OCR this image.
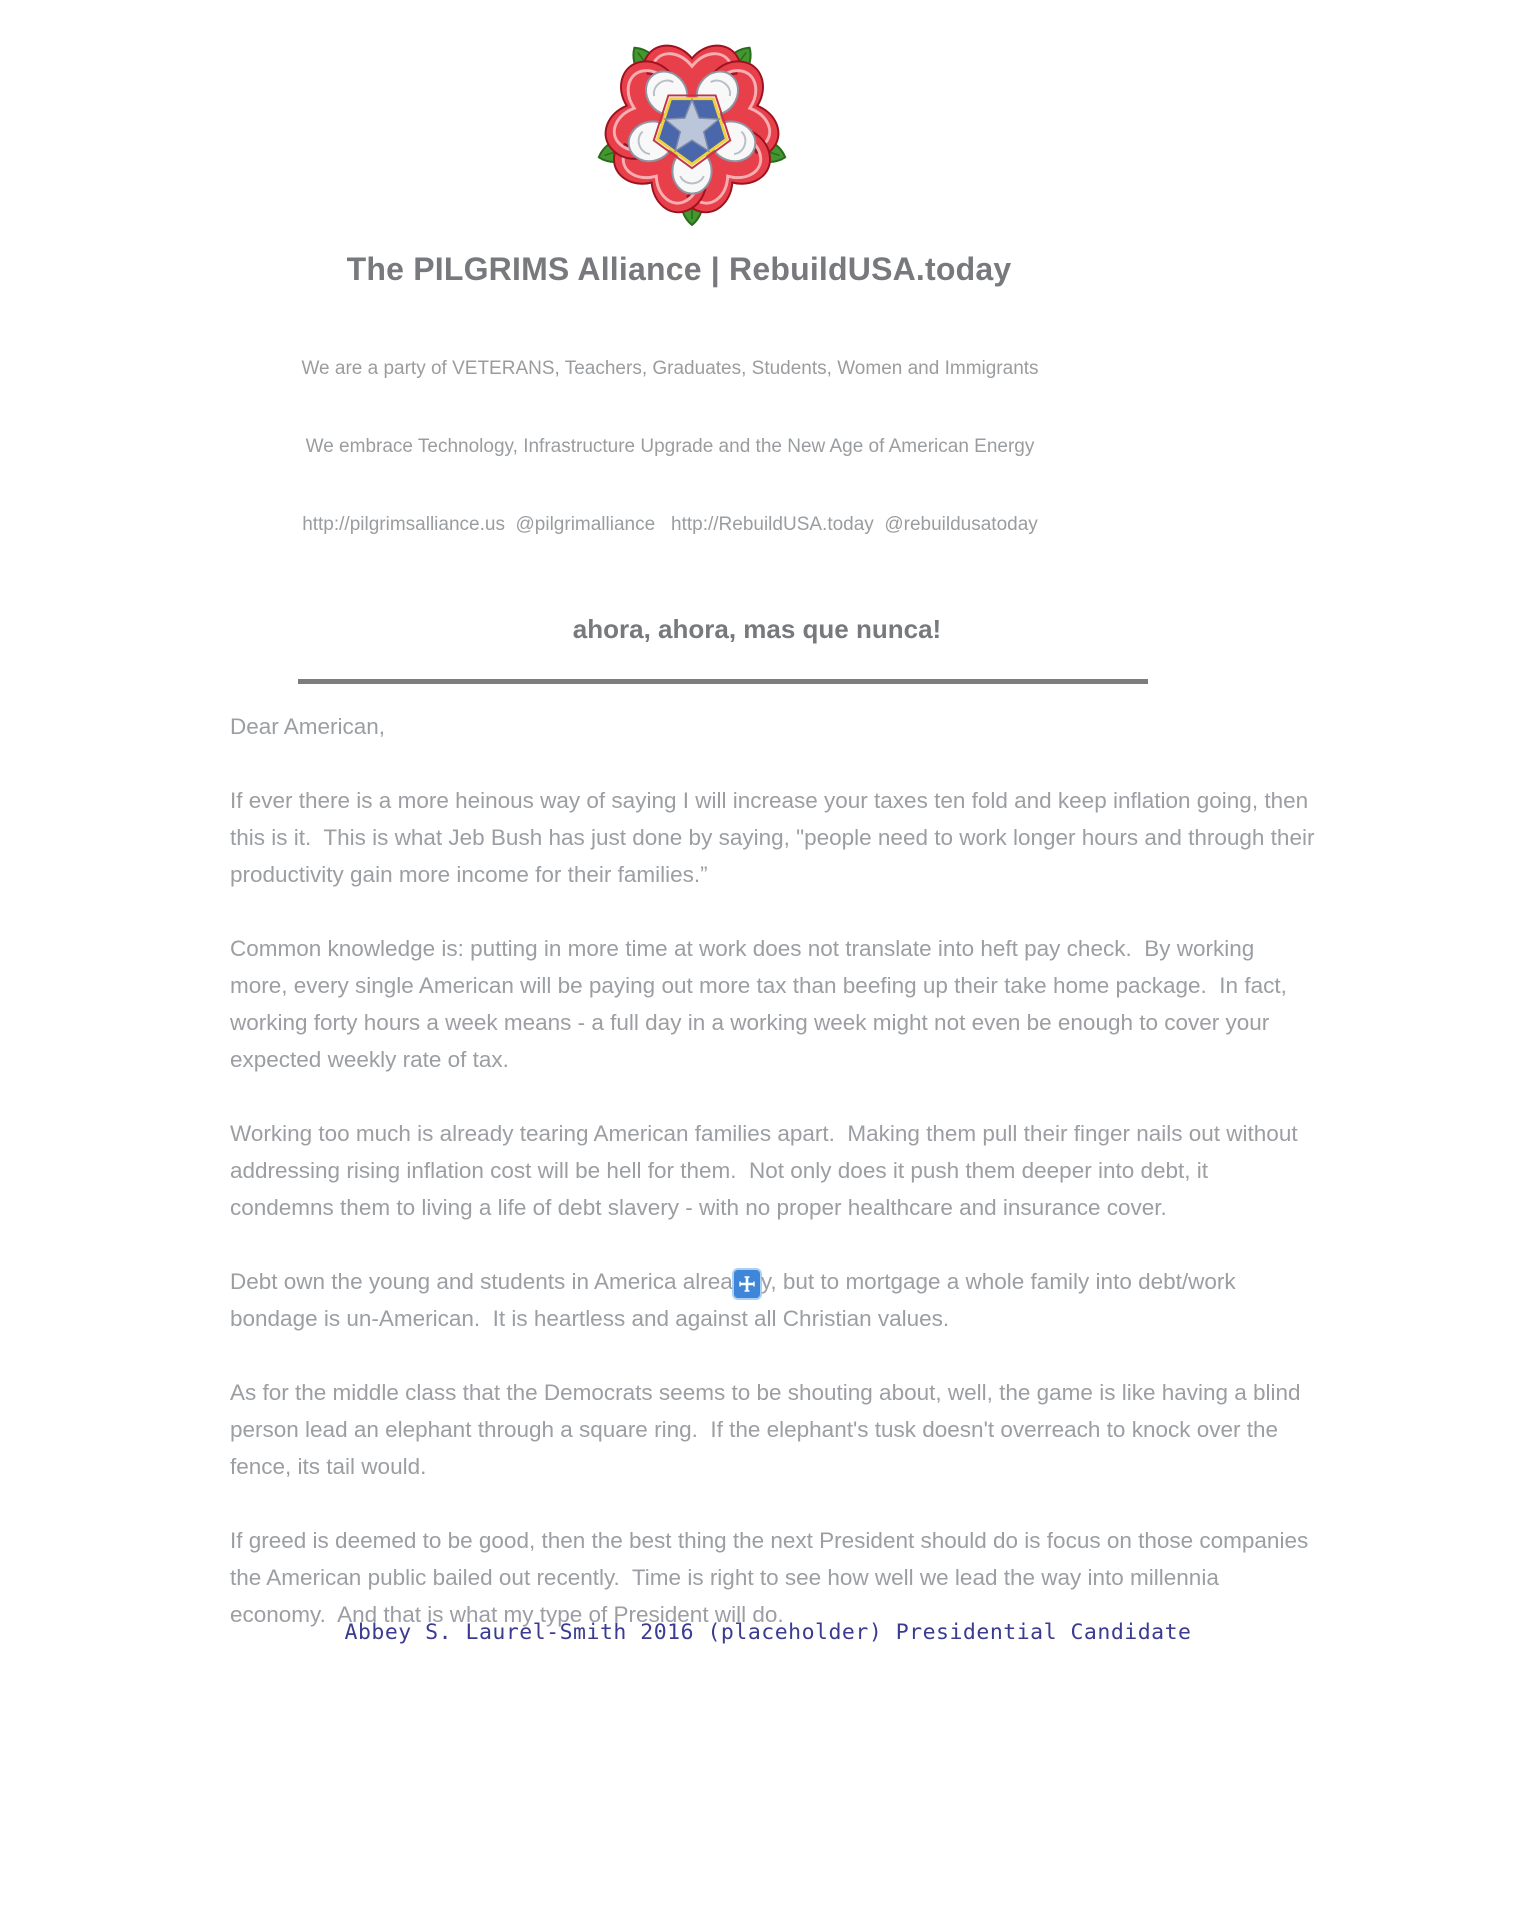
The PILGRIMS Alliance | RebuildUSA.today

We are a party of VETERANS, Teachers, Graduates, Students, Women and Immigrants

We embrace Technology, Infrastructure Upgrade and the New Age of American Energy

http://pilgrimsalliance.us  @pilgrimalliance   http://RebuildUSA.today  @rebuildusatoday

ahora, ahora, mas que nunca!

Dear American,

If ever there is a more heinous way of saying I will increase your taxes ten fold and keep inflation going, then this is it.  This is what Jeb Bush has just done by saying, "people need to work longer hours and through their productivity gain more income for their families.”

Common knowledge is: putting in more time at work does not translate into heft pay check.  By working more, every single American will be paying out more tax than beefing up their take home package.  In fact, working forty hours a week means - a full day in a working week might not even be enough to cover your expected weekly rate of tax.

Working too much is already tearing American families apart.  Making them pull their finger nails out without addressing rising inflation cost will be hell for them.  Not only does it push them deeper into debt, it condemns them to living a life of debt slavery - with no proper healthcare and insurance cover.

Debt own the young and students in America alrea y, but to mortgage a whole family into debt/work bondage is un-American.  It is heartless and against all Christian values.

As for the middle class that the Democrats seems to be shouting about, well, the game is like having a blind person lead an elephant through a square ring.  If the elephant's tusk doesn't overreach to knock over the fence, its tail would.

If greed is deemed to be good, then the best thing the next President should do is focus on those companies the American public bailed out recently.  Time is right to see how well we lead the way into millennia economy.  And that is what my type of President will do.

Abbey S. Laurel-Smith 2016 (placeholder) Presidential Candidate
